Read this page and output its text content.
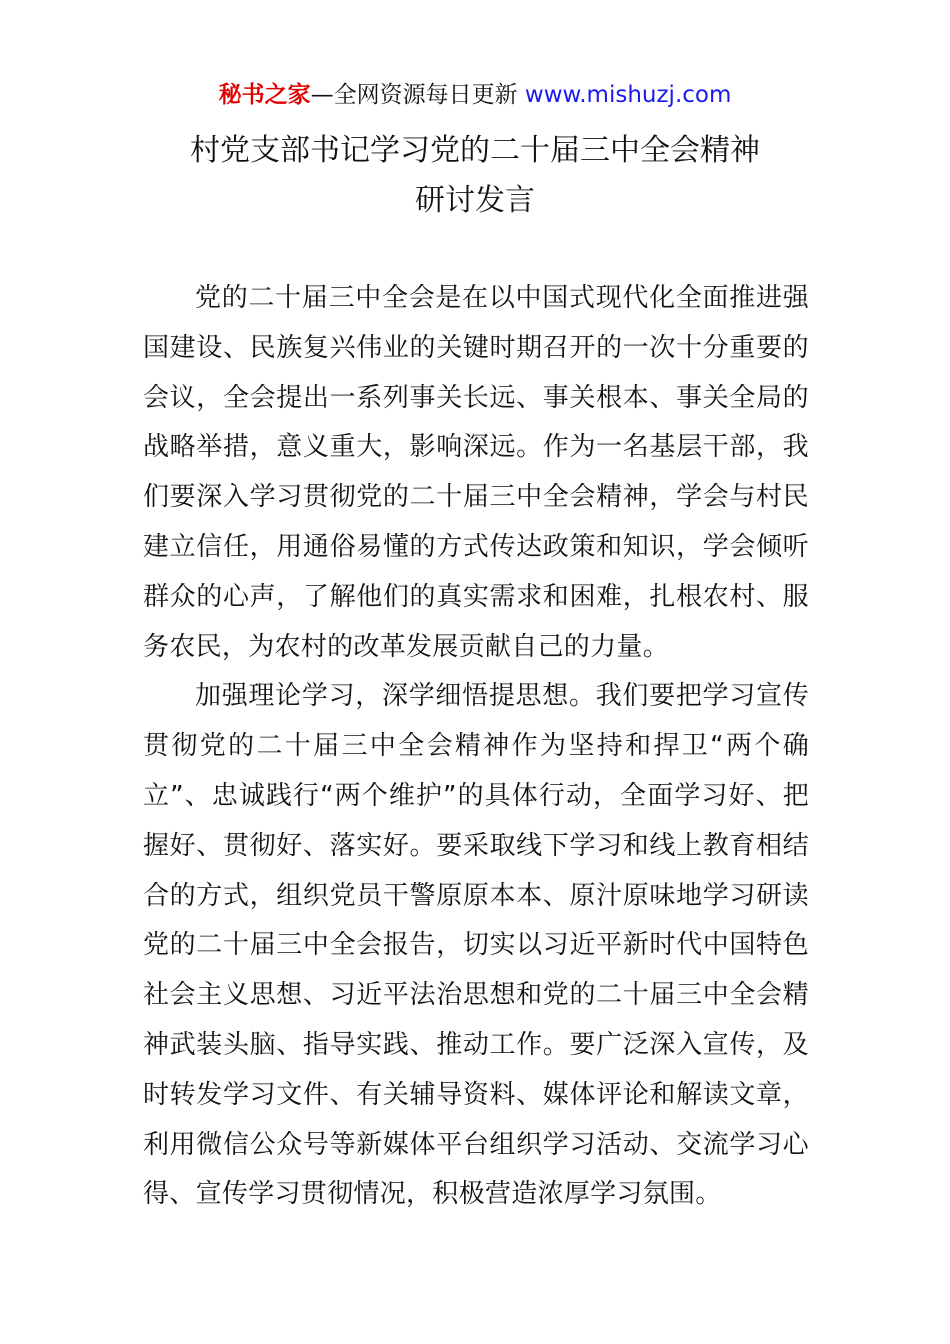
秘书之家—全网资源每日更新 www.mishuzj.com
村党支部书记学习党的二十届三中全会精神
研讨发言

党的二十届三中全会是在以中国式现代化全面推进强国建设、民族复兴伟业的关键时期召开的一次十分重要的会议，全会提出一系列事关长远、事关根本、事关全局的战略举措，意义重大，影响深远。作为一名基层干部，我们要深入学习贯彻党的二十届三中全会精神，学会与村民建立信任，用通俗易懂的方式传达政策和知识，学会倾听群众的心声，了解他们的真实需求和困难，扎根农村、服务农民，为农村的改革发展贡献自己的力量。

加强理论学习，深学细悟提思想。我们要把学习宣传贯彻党的二十届三中全会精神作为坚持和捍卫“两个确立”、忠诚践行“两个维护”的具体行动，全面学习好、把握好、贯彻好、落实好。要采取线下学习和线上教育相结合的方式，组织党员干警原原本本、原汁原味地学习研读党的二十届三中全会报告，切实以习近平新时代中国特色社会主义思想、习近平法治思想和党的二十届三中全会精神武装头脑、指导实践、推动工作。要广泛深入宣传，及时转发学习文件、有关辅导资料、媒体评论和解读文章，利用微信公众号等新媒体平台组织学习活动、交流学习心得、宣传学习贯彻情况，积极营造浓厚学习氛围。
